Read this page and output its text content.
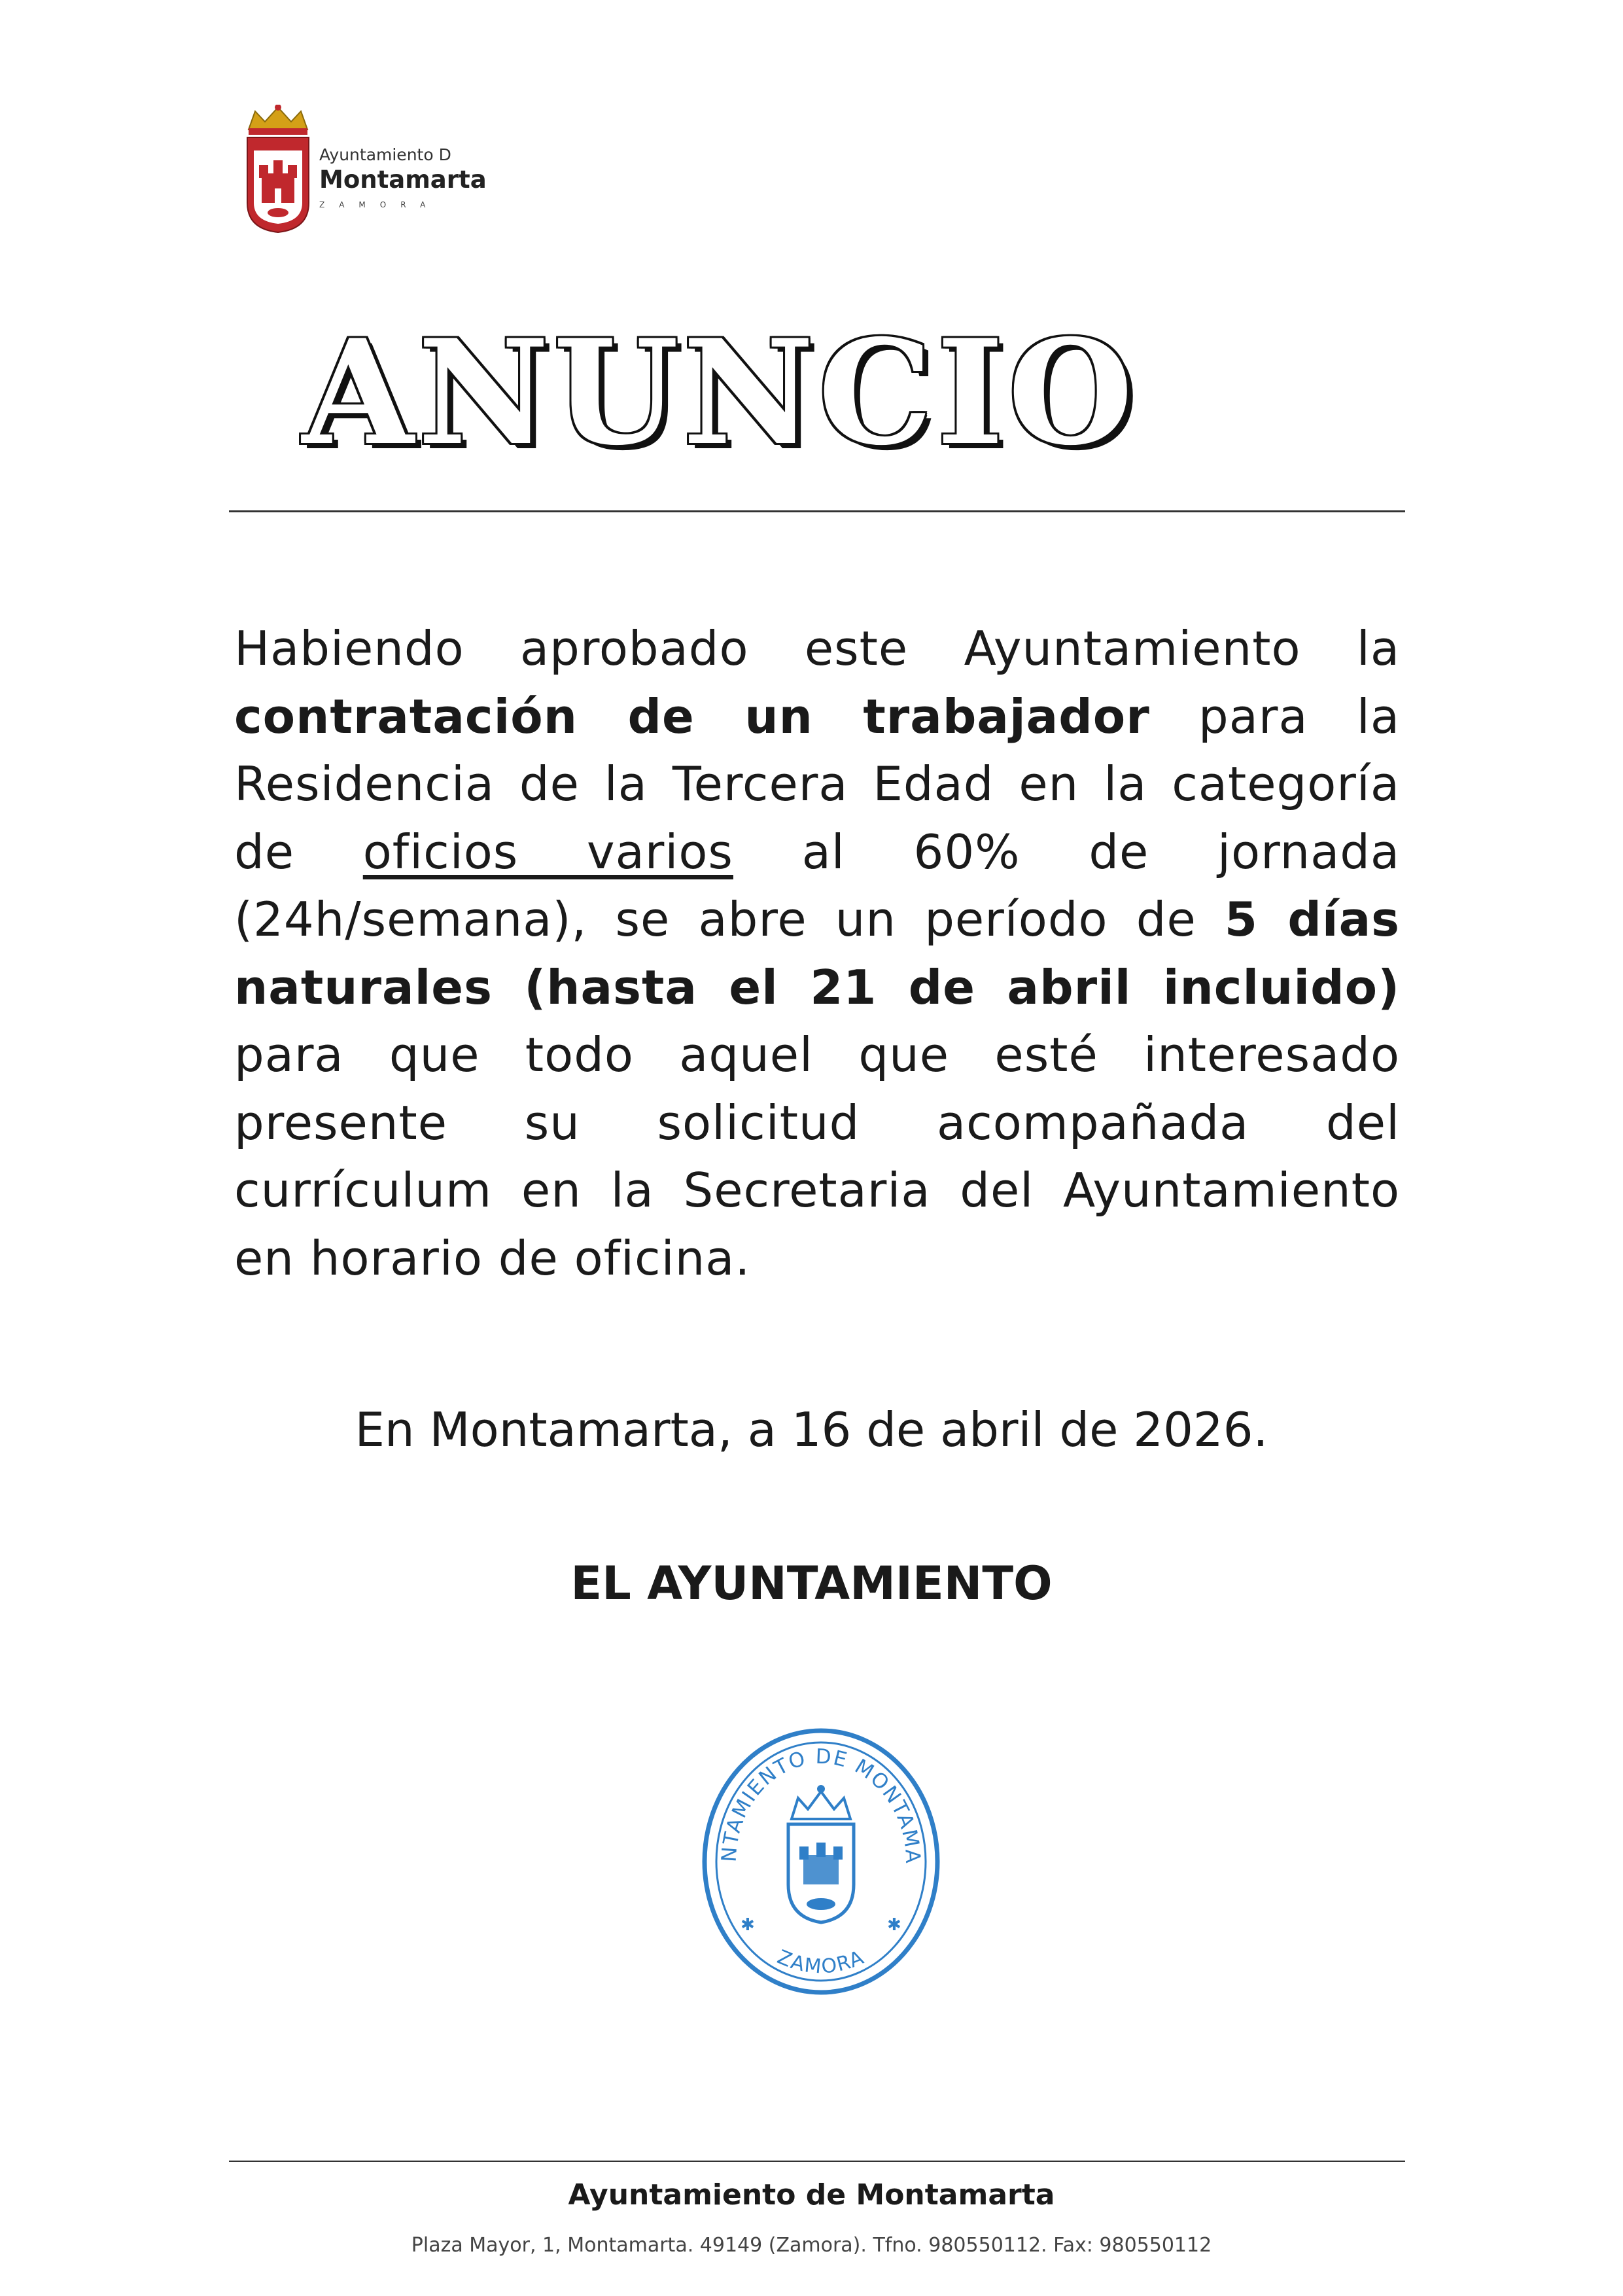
Ayuntamiento D
Montamarta
ZAMORA
ANUNCIO
Habiendo aprobado este Ayuntamiento la contratación de un trabajador para la Residencia de la Tercera Edad en la categoría de oficios varios al 60% de jornada (24h/semana), se abre un período de 5 días naturales (hasta el 21 de abril incluido) para que todo aquel que esté interesado presente su solicitud acompañada del currículum en la Secretaria del Ayuntamiento en horario de oficina.
En Montamarta, a 16 de abril de 2026.
EL AYUNTAMIENTO
NTAMIENTO DE MONTAMA
ZAMORA
✱	✱
Ayuntamiento de Montamarta
Plaza Mayor, 1, Montamarta. 49149 (Zamora). Tfno. 980550112. Fax: 980550112
